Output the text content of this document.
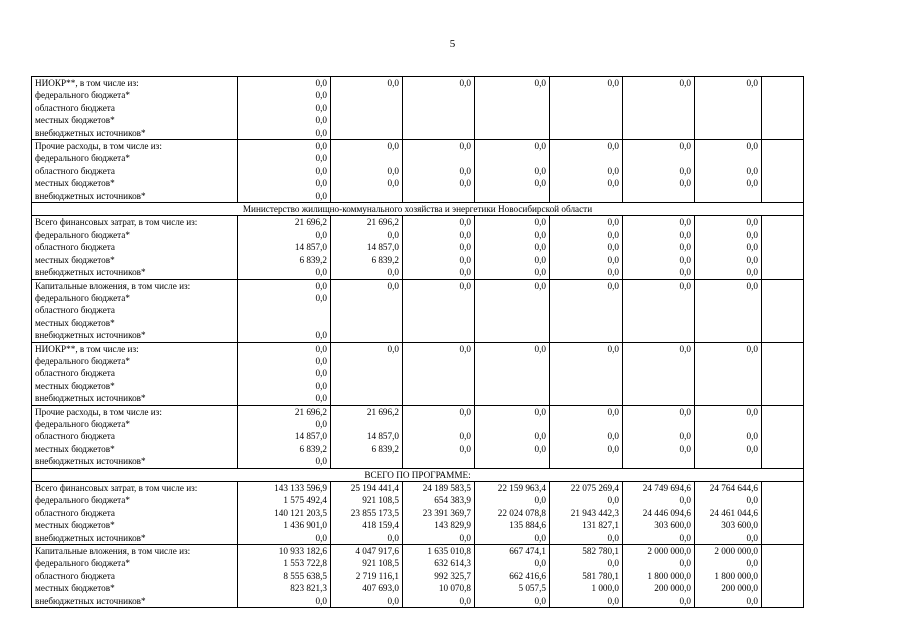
5
НИОКР**, в том числе из:	0,0	0,0	0,0	0,0	0,0	0,0	0,0	
федерального бюджета*	0,0							
областного бюджета	0,0							
местных бюджетов*	0,0							
внебюджетных источников*	0,0							
Прочие расходы, в том числе из:	0,0	0,0	0,0	0,0	0,0	0,0	0,0	
федерального бюджета*	0,0							
областного бюджета	0,0	0,0	0,0	0,0	0,0	0,0	0,0	
местных бюджетов*	0,0	0,0	0,0	0,0	0,0	0,0	0,0	
внебюджетных источников*	0,0							
Министерство жилищно-коммунального хозяйства и энергетики Новосибирской области								
Всего финансовых затрат, в том числе из:	21 696,2	21 696,2	0,0	0,0	0,0	0,0	0,0	
федерального бюджета*	0,0	0,0	0,0	0,0	0,0	0,0	0,0	
областного бюджета	14 857,0	14 857,0	0,0	0,0	0,0	0,0	0,0	
местных бюджетов*	6 839,2	6 839,2	0,0	0,0	0,0	0,0	0,0	
внебюджетных источников*	0,0	0,0	0,0	0,0	0,0	0,0	0,0	
Капитальные вложения, в том числе из:	0,0	0,0	0,0	0,0	0,0	0,0	0,0	
федерального бюджета*	0,0							
областного бюджета								
местных бюджетов*								
внебюджетных источников*	0,0							
НИОКР**, в том числе из:	0,0	0,0	0,0	0,0	0,0	0,0	0,0	
федерального бюджета*	0,0							
областного бюджета	0,0							
местных бюджетов*	0,0							
внебюджетных источников*	0,0							
Прочие расходы, в том числе из:	21 696,2	21 696,2	0,0	0,0	0,0	0,0	0,0	
федерального бюджета*	0,0							
областного бюджета	14 857,0	14 857,0	0,0	0,0	0,0	0,0	0,0	
местных бюджетов*	6 839,2	6 839,2	0,0	0,0	0,0	0,0	0,0	
внебюджетных источников*	0,0							
ВСЕГО ПО ПРОГРАММЕ:								
Всего финансовых затрат, в том числе из:	143 133 596,9	25 194 441,4	24 189 583,5	22 159 963,4	22 075 269,4	24 749 694,6	24 764 644,6	
федерального бюджета*	1 575 492,4	921 108,5	654 383,9	0,0	0,0	0,0	0,0	
областного бюджета	140 121 203,5	23 855 173,5	23 391 369,7	22 024 078,8	21 943 442,3	24 446 094,6	24 461 044,6	
местных бюджетов*	1 436 901,0	418 159,4	143 829,9	135 884,6	131 827,1	303 600,0	303 600,0	
внебюджетных источников*	0,0	0,0	0,0	0,0	0,0	0,0	0,0	
Капитальные вложения, в том числе из:	10 933 182,6	4 047 917,6	1 635 010,8	667 474,1	582 780,1	2 000 000,0	2 000 000,0	
федерального бюджета*	1 553 722,8	921 108,5	632 614,3	0,0	0,0	0,0	0,0	
областного бюджета	8 555 638,5	2 719 116,1	992 325,7	662 416,6	581 780,1	1 800 000,0	1 800 000,0	
местных бюджетов*	823 821,3	407 693,0	10 070,8	5 057,5	1 000,0	200 000,0	200 000,0	
внебюджетных источников*	0,0	0,0	0,0	0,0	0,0	0,0	0,0	
